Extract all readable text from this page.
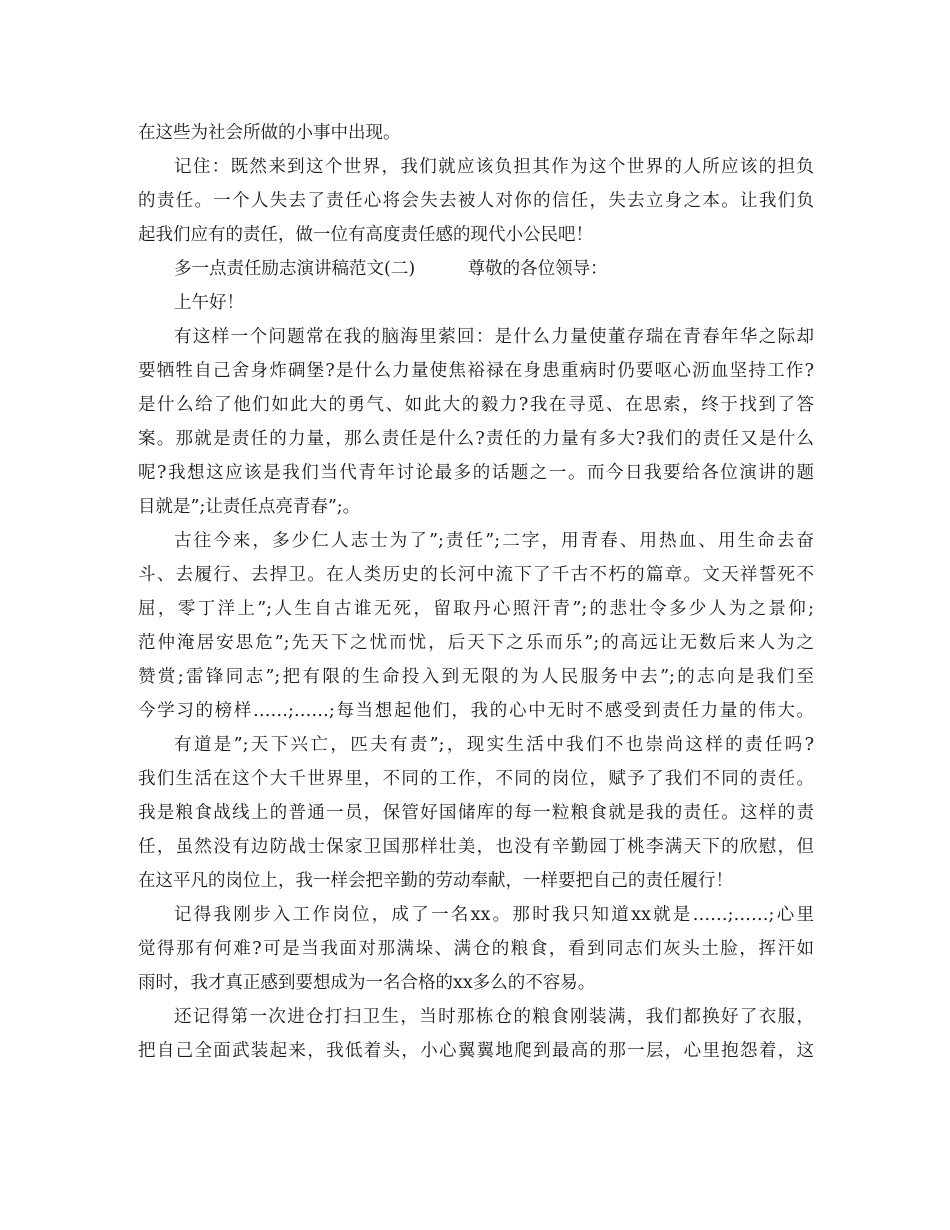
在这些为社会所做的小事中出现。
记住：既然来到这个世界，我们就应该负担其作为这个世界的人所应该的担负
的责任。一个人失去了责任心将会失去被人对你的信任，失去立身之本。让我们负
起我们应有的责任，做一位有高度责任感的现代小公民吧！
多一点责任励志演讲稿范文(二)　　　尊敬的各位领导：
上午好！
有这样一个问题常在我的脑海里萦回：是什么力量使董存瑞在青春年华之际却
要牺牲自己舍身炸碉堡?是什么力量使焦裕禄在身患重病时仍要呕心沥血坚持工作?
是什么给了他们如此大的勇气、如此大的毅力?我在寻觅、在思索，终于找到了答
案。那就是责任的力量，那么责任是什么?责任的力量有多大?我们的责任又是什么
呢?我想这应该是我们当代青年讨论最多的话题之一。而今日我要给各位演讲的题
目就是”;让责任点亮青春”;。
古往今来，多少仁人志士为了”;责任”;二字，用青春、用热血、用生命去奋
斗、去履行、去捍卫。在人类历史的长河中流下了千古不朽的篇章。文天祥誓死不
屈，零丁洋上”;人生自古谁无死，留取丹心照汗青”;的悲壮令多少人为之景仰;
范仲淹居安思危”;先天下之忧而忧，后天下之乐而乐”;的高远让无数后来人为之
赞赏;雷锋同志”;把有限的生命投入到无限的为人民服务中去”;的志向是我们至
今学习的榜样……;……;每当想起他们，我的心中无时不感受到责任力量的伟大。
有道是”;天下兴亡，匹夫有责”;，现实生活中我们不也崇尚这样的责任吗?
我们生活在这个大千世界里，不同的工作，不同的岗位，赋予了我们不同的责任。
我是粮食战线上的普通一员，保管好国储库的每一粒粮食就是我的责任。这样的责
任，虽然没有边防战士保家卫国那样壮美，也没有辛勤园丁桃李满天下的欣慰，但
在这平凡的岗位上，我一样会把辛勤的劳动奉献，一样要把自己的责任履行！
记得我刚步入工作岗位，成了一名xx。那时我只知道xx就是……;……;心里
觉得那有何难?可是当我面对那满垛、满仓的粮食，看到同志们灰头土脸，挥汗如
雨时，我才真正感到要想成为一名合格的xx多么的不容易。
还记得第一次进仓打扫卫生，当时那栋仓的粮食刚装满，我们都换好了衣服，
把自己全面武装起来，我低着头，小心翼翼地爬到最高的那一层，心里抱怨着，这
